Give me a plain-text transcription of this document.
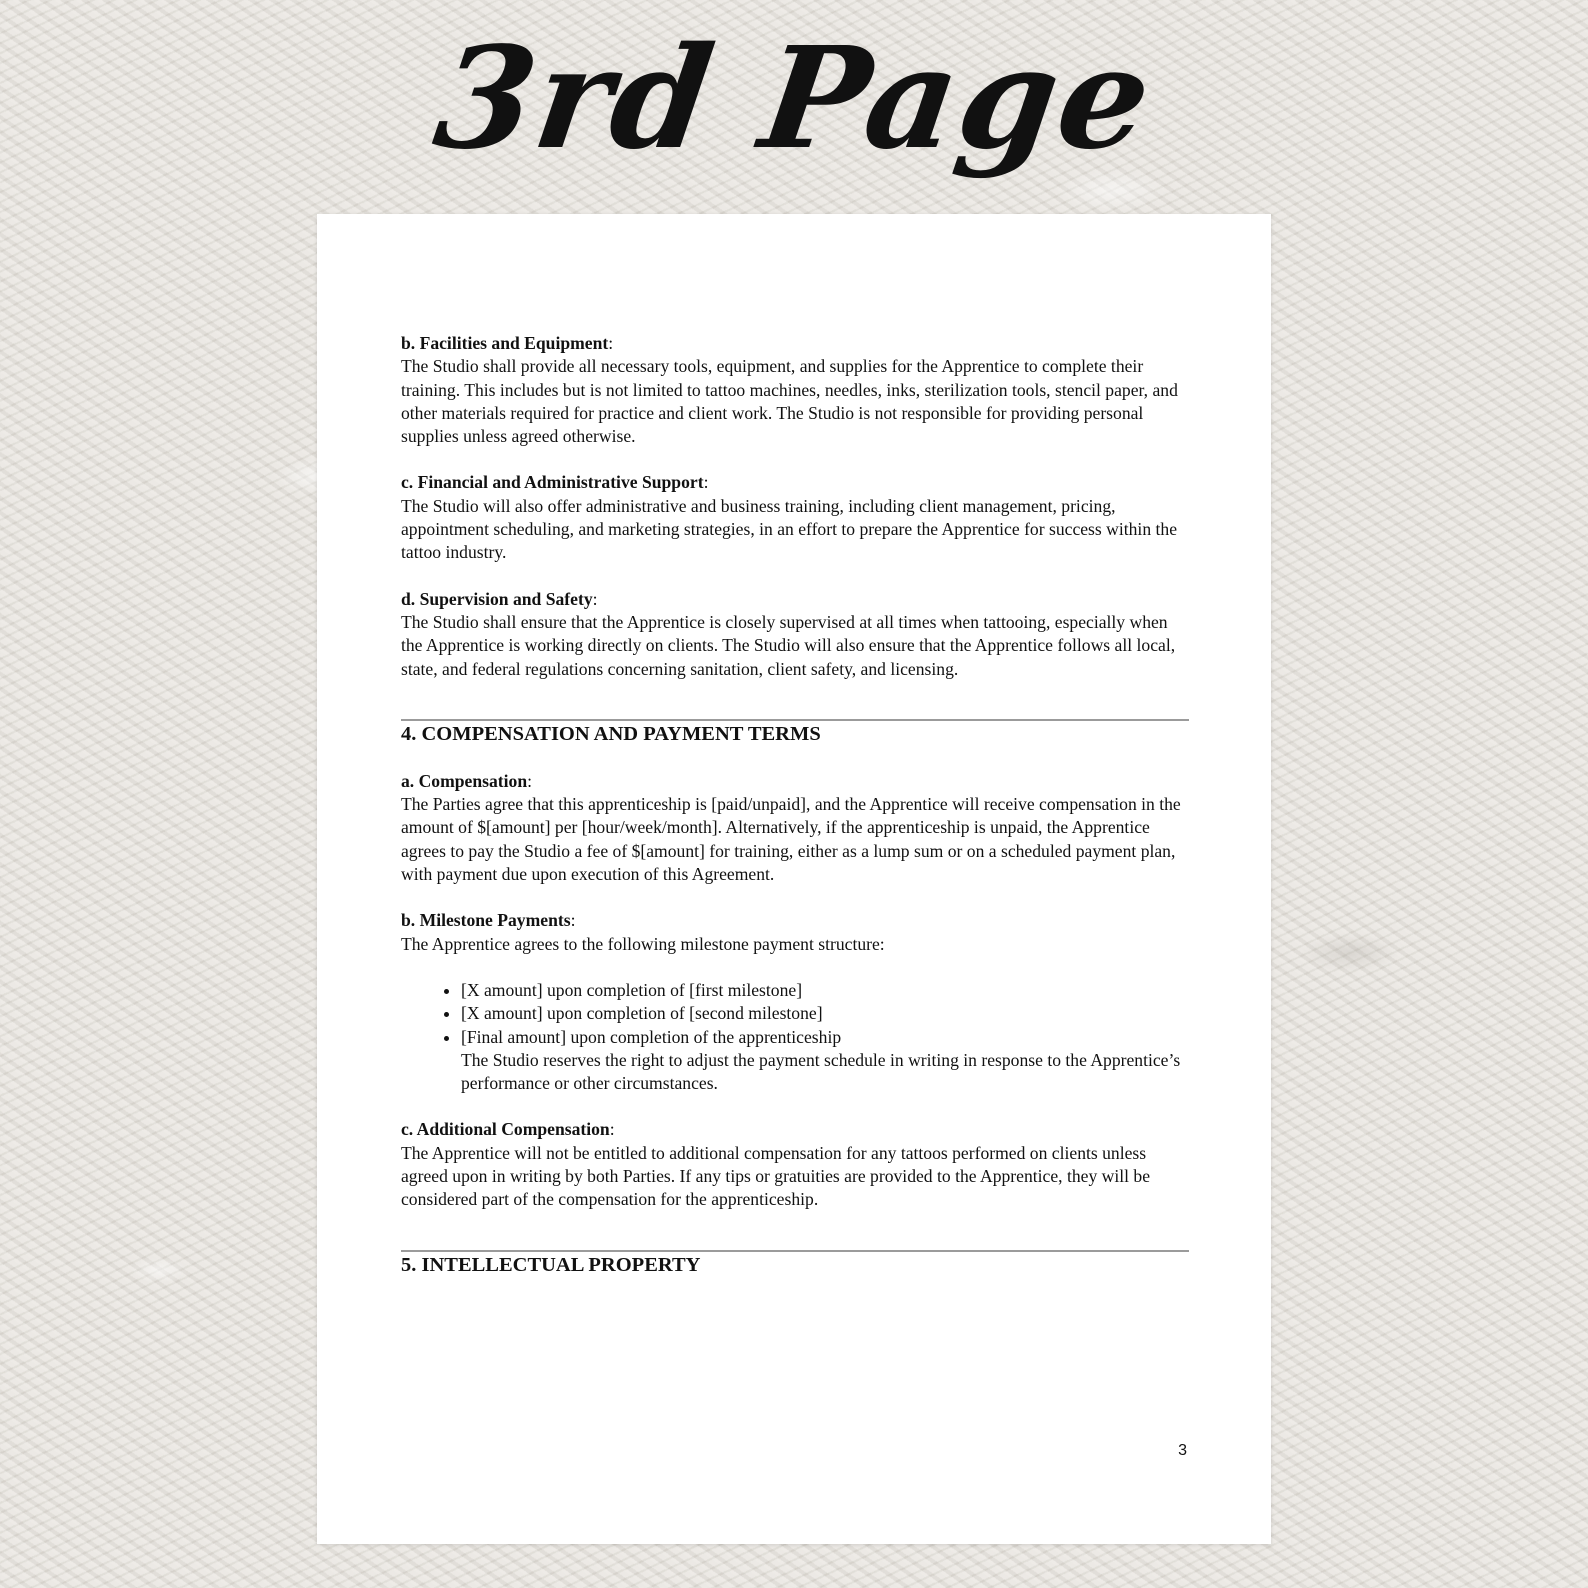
3rd Page

b. Facilities and Equipment:

The Studio shall provide all necessary tools, equipment, and supplies for the Apprentice to complete their training. This includes but is not limited to tattoo machines, needles, inks, sterilization tools, stencil paper, and other materials required for practice and client work. The Studio is not responsible for providing personal supplies unless agreed otherwise.

c. Financial and Administrative Support:

The Studio will also offer administrative and business training, including client management, pricing, appointment scheduling, and marketing strategies, in an effort to prepare the Apprentice for success within the tattoo industry.

d. Supervision and Safety:

The Studio shall ensure that the Apprentice is closely supervised at all times when tattooing, especially when the Apprentice is working directly on clients. The Studio will also ensure that the Apprentice follows all local, state, and federal regulations concerning sanitation, client safety, and licensing.

4. COMPENSATION AND PAYMENT TERMS

a. Compensation:

The Parties agree that this apprenticeship is [paid/unpaid], and the Apprentice will receive compensation in the amount of $[amount] per [hour/week/month]. Alternatively, if the apprenticeship is unpaid, the Apprentice agrees to pay the Studio a fee of $[amount] for training, either as a lump sum or on a scheduled payment plan, with payment due upon execution of this Agreement.

b. Milestone Payments:

The Apprentice agrees to the following milestone payment structure:

• [X amount] upon completion of [first milestone]
• [X amount] upon completion of [second milestone]
• [Final amount] upon completion of the apprenticeship

The Studio reserves the right to adjust the payment schedule in writing in response to the Apprentice’s performance or other circumstances.

c. Additional Compensation:

The Apprentice will not be entitled to additional compensation for any tattoos performed on clients unless agreed upon in writing by both Parties. If any tips or gratuities are provided to the Apprentice, they will be considered part of the compensation for the apprenticeship.

5. INTELLECTUAL PROPERTY

3
